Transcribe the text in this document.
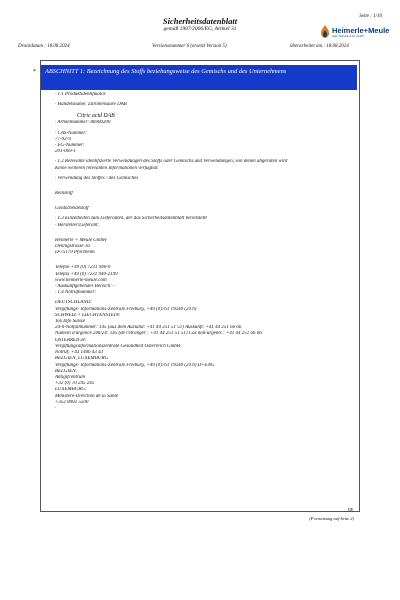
Seite : 1/10
Sicherheitsdatenblatt
gemäß 1907/2006/EG, Artikel 31	Heimerle+Meule
Gebr. Heimerle & Co. GmbH
Druckdatum : 18.08.2024	Versionsnummer 6 (ersetzt Version 5)	überarbeitet am : 18.08.2024
*	ABSCHNITT 1: Bezeichnung des Stoffs beziehungsweise des Gemischs und des Unternehmens
· 1.1 Produktidentifikator
· Handelsname: Zitronensäure DAB
Citric acid DAB
· Artikelnummer: 86900200
· CAS-Nummer:
77-92-9
· EG-Nummer:
201-069-1
· 1.2 Relevante identifizierte Verwendungen des Stoffs oder Gemischs und Verwendungen, von denen abgeraten wird
Keine weiteren relevanten Informationen verfügbar.
· Verwendung des Stoffes / des Gemisches
Reinstoff
Goldscheidestoff
· 1.3 Einzelheiten zum Lieferanten, der das Sicherheitsdatenblatt bereitstellt
· Hersteller/Lieferant:
Heimerle + Meule GmbH
Dennigstrasse 16
D-75179 Pforzheim
Telefon +49 (0) 7231 940-0
Telefax +49 (0) 7231 940-2199
www.heimerle-meule.com
· Auskunftgebender Bereich: -
· 1.4 Notrufnummer:
DEUTSCHLAND:
Vergiftungs- Informations-Zentrale Freiburg, +49 (0)761 19240 (24 h)
SCHWEIZ + LIECHTENSTEIN:
Tox Info Suisse
24-h-Notfallnummer: 145 (aus dem Ausland: +41 44 251 51 51) Auskunft: +41 44 251 66 66
Numéro d'urgence 24h/24: 145 (de l'étranger : +41 44 251 51 51) Cas non-urgents : +41 44 251 66 66
ÖSTERREICH:
Vergiftungsinformationszentrale Gesundheit Österreich GmbH
Notruf: +43 1406 43 43
BELGIEN, LUXEMBURG
Vergiftungs- Informations-Zentrale Freiburg, +49 (0)761 19240 (24 h) D+ENG
BELGIEN:
Antigifcentrum
+32 (0) 70 245 245
LUXEMBURG:
Ministère-Direction de la Santé
+352 8002 5500
·
DE
(Fortsetzung auf Seite 2)
